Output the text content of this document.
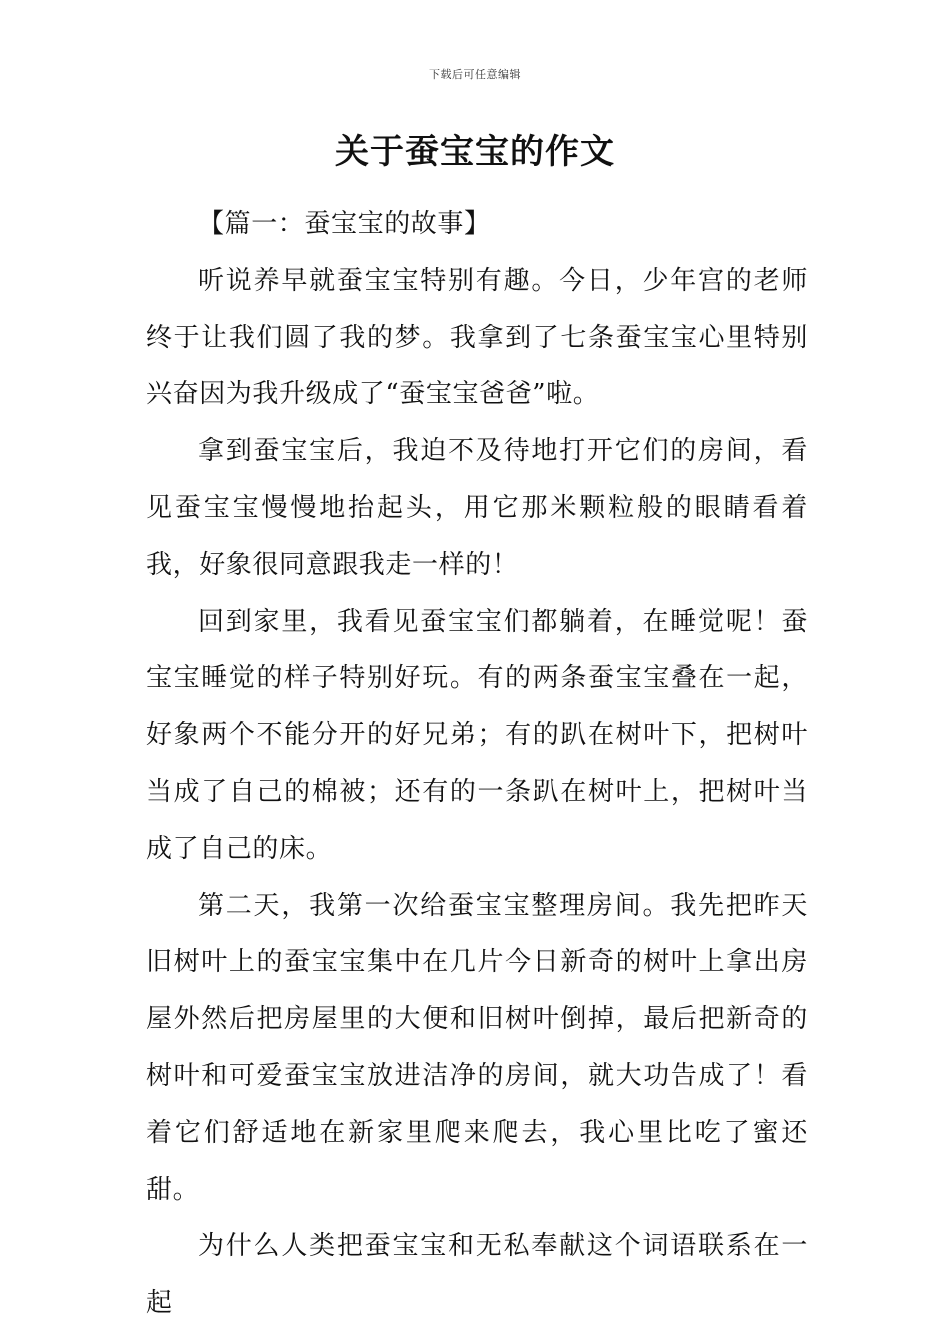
下载后可任意编辑
关于蚕宝宝的作文

【篇一：蚕宝宝的故事】

听说养早就蚕宝宝特别有趣。今日，少年宫的老师终于让我们圆了我的梦。我拿到了七条蚕宝宝心里特别兴奋因为我升级成了“蚕宝宝爸爸”啦。

拿到蚕宝宝后，我迫不及待地打开它们的房间，看见蚕宝宝慢慢地抬起头，用它那米颗粒般的眼睛看着我，好象很同意跟我走一样的！

回到家里，我看见蚕宝宝们都躺着，在睡觉呢！蚕宝宝睡觉的样子特别好玩。有的两条蚕宝宝叠在一起，好象两个不能分开的好兄弟；有的趴在树叶下，把树叶当成了自己的棉被；还有的一条趴在树叶上，把树叶当成了自己的床。

第二天，我第一次给蚕宝宝整理房间。我先把昨天旧树叶上的蚕宝宝集中在几片今日新奇的树叶上拿出房屋外然后把房屋里的大便和旧树叶倒掉，最后把新奇的树叶和可爱蚕宝宝放进洁净的房间，就大功告成了！看着它们舒适地在新家里爬来爬去，我心里比吃了蜜还甜。

为什么人类把蚕宝宝和无私奉献这个词语联系在一起
